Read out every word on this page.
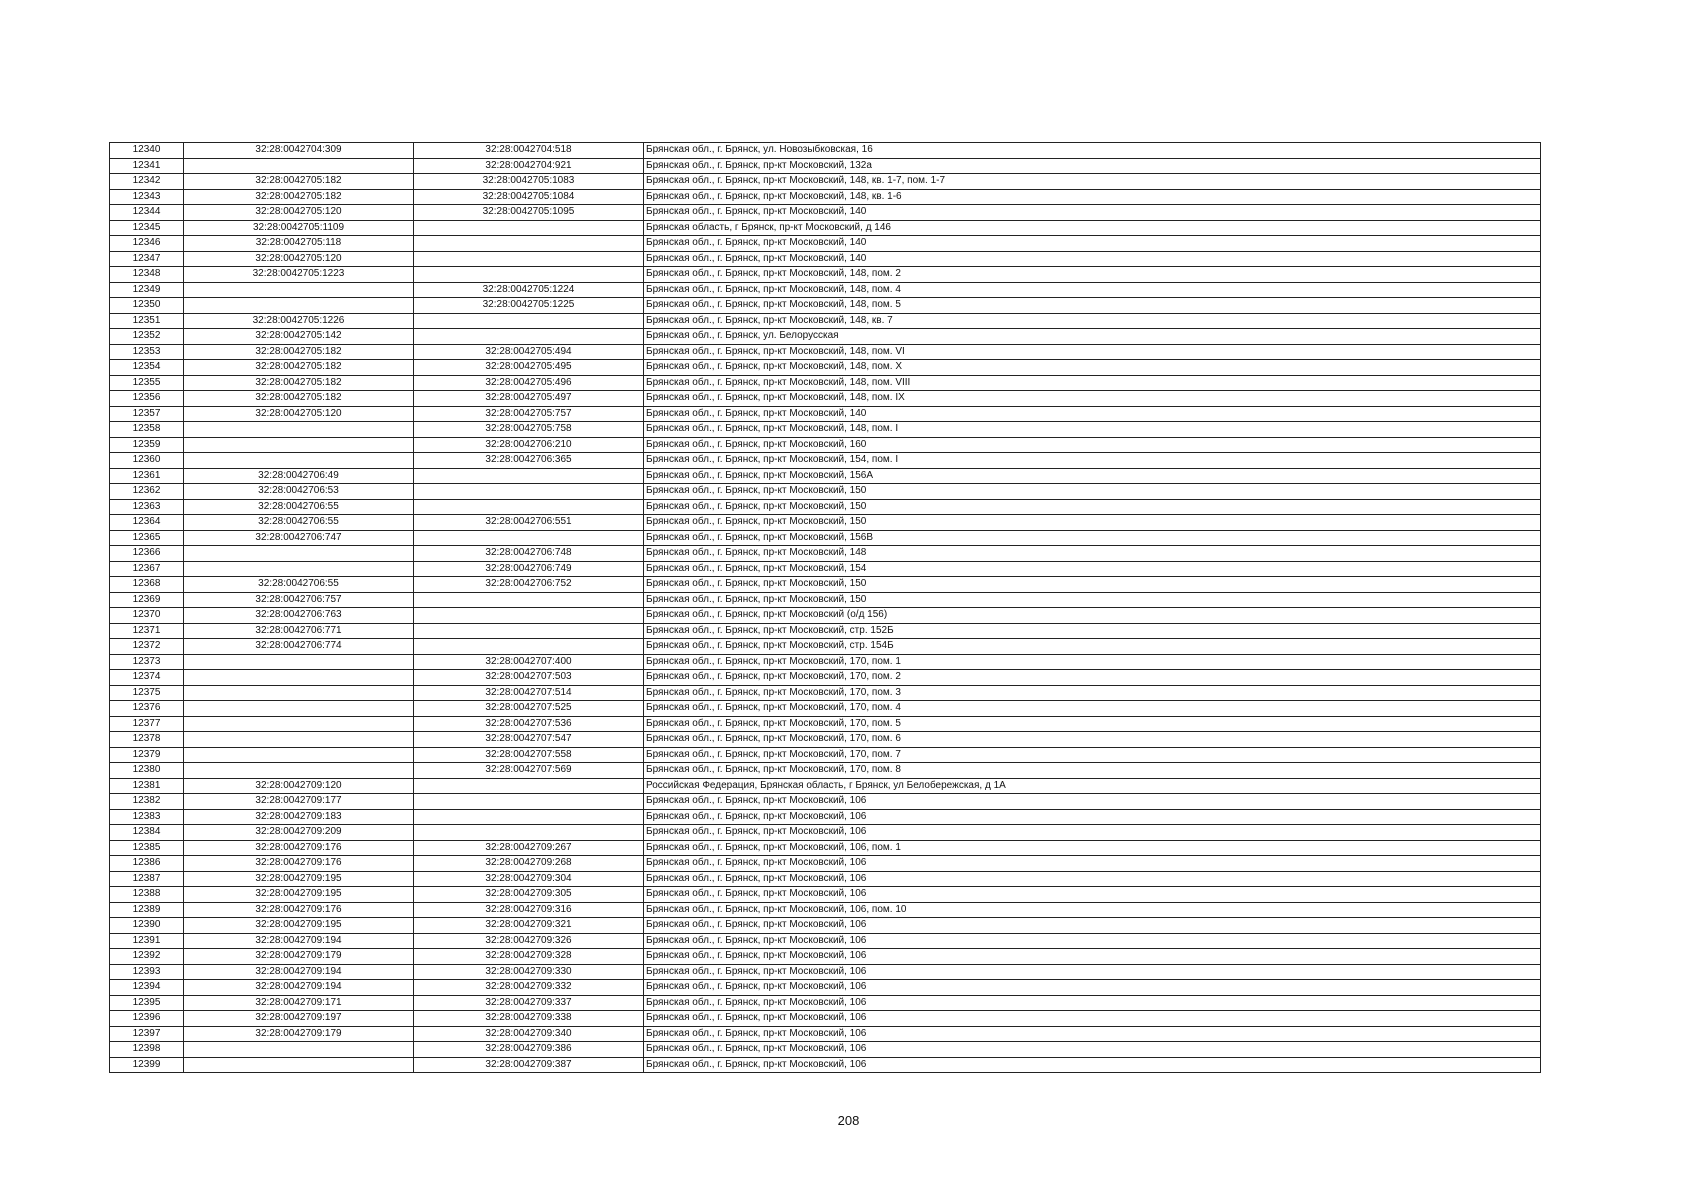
12340	32:28:0042704:309	32:28:0042704:518	Брянская обл., г. Брянск, ул. Новозыбковская, 16
12341		32:28:0042704:921	Брянская обл., г. Брянск, пр-кт Московский, 132а
12342	32:28:0042705:182	32:28:0042705:1083	Брянская обл., г. Брянск, пр-кт Московский, 148, кв. 1-7, пом. 1-7
12343	32:28:0042705:182	32:28:0042705:1084	Брянская обл., г. Брянск, пр-кт Московский, 148, кв. 1-6
12344	32:28:0042705:120	32:28:0042705:1095	Брянская обл., г. Брянск, пр-кт Московский, 140
12345	32:28:0042705:1109		Брянская область, г Брянск, пр-кт Московский, д 146
12346	32:28:0042705:118		Брянская обл., г. Брянск, пр-кт Московский, 140
12347	32:28:0042705:120		Брянская обл., г. Брянск, пр-кт Московский, 140
12348	32:28:0042705:1223		Брянская обл., г. Брянск, пр-кт Московский, 148, пом. 2
12349		32:28:0042705:1224	Брянская обл., г. Брянск, пр-кт Московский, 148, пом. 4
12350		32:28:0042705:1225	Брянская обл., г. Брянск, пр-кт Московский, 148, пом. 5
12351	32:28:0042705:1226		Брянская обл., г. Брянск, пр-кт Московский, 148, кв. 7
12352	32:28:0042705:142		Брянская обл., г. Брянск, ул. Белорусская
12353	32:28:0042705:182	32:28:0042705:494	Брянская обл., г. Брянск, пр-кт Московский, 148, пом. VI
12354	32:28:0042705:182	32:28:0042705:495	Брянская обл., г. Брянск, пр-кт Московский, 148, пом. X
12355	32:28:0042705:182	32:28:0042705:496	Брянская обл., г. Брянск, пр-кт Московский, 148, пом. VIII
12356	32:28:0042705:182	32:28:0042705:497	Брянская обл., г. Брянск, пр-кт Московский, 148, пом. IX
12357	32:28:0042705:120	32:28:0042705:757	Брянская обл., г. Брянск, пр-кт Московский, 140
12358		32:28:0042705:758	Брянская обл., г. Брянск, пр-кт Московский, 148, пом. I
12359		32:28:0042706:210	Брянская обл., г. Брянск, пр-кт Московский, 160
12360		32:28:0042706:365	Брянская обл., г. Брянск, пр-кт Московский, 154, пом. I
12361	32:28:0042706:49		Брянская обл., г. Брянск, пр-кт Московский, 156А
12362	32:28:0042706:53		Брянская обл., г. Брянск, пр-кт Московский, 150
12363	32:28:0042706:55		Брянская обл., г. Брянск, пр-кт Московский, 150
12364	32:28:0042706:55	32:28:0042706:551	Брянская обл., г. Брянск, пр-кт Московский, 150
12365	32:28:0042706:747		Брянская обл., г. Брянск, пр-кт Московский, 156В
12366		32:28:0042706:748	Брянская обл., г. Брянск, пр-кт Московский, 148
12367		32:28:0042706:749	Брянская обл., г. Брянск, пр-кт Московский, 154
12368	32:28:0042706:55	32:28:0042706:752	Брянская обл., г. Брянск, пр-кт Московский, 150
12369	32:28:0042706:757		Брянская обл., г. Брянск, пр-кт Московский, 150
12370	32:28:0042706:763		Брянская обл., г. Брянск, пр-кт Московский (о/д 156)
12371	32:28:0042706:771		Брянская обл., г. Брянск, пр-кт Московский, стр. 152Б
12372	32:28:0042706:774		Брянская обл., г. Брянск, пр-кт Московский, стр. 154Б
12373		32:28:0042707:400	Брянская обл., г. Брянск, пр-кт Московский, 170, пом. 1
12374		32:28:0042707:503	Брянская обл., г. Брянск, пр-кт Московский, 170, пом. 2
12375		32:28:0042707:514	Брянская обл., г. Брянск, пр-кт Московский, 170, пом. 3
12376		32:28:0042707:525	Брянская обл., г. Брянск, пр-кт Московский, 170, пом. 4
12377		32:28:0042707:536	Брянская обл., г. Брянск, пр-кт Московский, 170, пом. 5
12378		32:28:0042707:547	Брянская обл., г. Брянск, пр-кт Московский, 170, пом. 6
12379		32:28:0042707:558	Брянская обл., г. Брянск, пр-кт Московский, 170, пом. 7
12380		32:28:0042707:569	Брянская обл., г. Брянск, пр-кт Московский, 170, пом. 8
12381	32:28:0042709:120		Российская Федерация, Брянская область, г Брянск, ул Белобережская, д 1А
12382	32:28:0042709:177		Брянская обл., г. Брянск, пр-кт Московский, 106
12383	32:28:0042709:183		Брянская обл., г. Брянск, пр-кт Московский, 106
12384	32:28:0042709:209		Брянская обл., г. Брянск, пр-кт Московский, 106
12385	32:28:0042709:176	32:28:0042709:267	Брянская обл., г. Брянск, пр-кт Московский, 106, пом. 1
12386	32:28:0042709:176	32:28:0042709:268	Брянская обл., г. Брянск, пр-кт Московский, 106
12387	32:28:0042709:195	32:28:0042709:304	Брянская обл., г. Брянск, пр-кт Московский, 106
12388	32:28:0042709:195	32:28:0042709:305	Брянская обл., г. Брянск, пр-кт Московский, 106
12389	32:28:0042709:176	32:28:0042709:316	Брянская обл., г. Брянск, пр-кт Московский, 106, пом. 10
12390	32:28:0042709:195	32:28:0042709:321	Брянская обл., г. Брянск, пр-кт Московский, 106
12391	32:28:0042709:194	32:28:0042709:326	Брянская обл., г. Брянск, пр-кт Московский, 106
12392	32:28:0042709:179	32:28:0042709:328	Брянская обл., г. Брянск, пр-кт Московский, 106
12393	32:28:0042709:194	32:28:0042709:330	Брянская обл., г. Брянск, пр-кт Московский, 106
12394	32:28:0042709:194	32:28:0042709:332	Брянская обл., г. Брянск, пр-кт Московский, 106
12395	32:28:0042709:171	32:28:0042709:337	Брянская обл., г. Брянск, пр-кт Московский, 106
12396	32:28:0042709:197	32:28:0042709:338	Брянская обл., г. Брянск, пр-кт Московский, 106
12397	32:28:0042709:179	32:28:0042709:340	Брянская обл., г. Брянск, пр-кт Московский, 106
12398		32:28:0042709:386	Брянская обл., г. Брянск, пр-кт Московский, 106
12399		32:28:0042709:387	Брянская обл., г. Брянск, пр-кт Московский, 106
208
